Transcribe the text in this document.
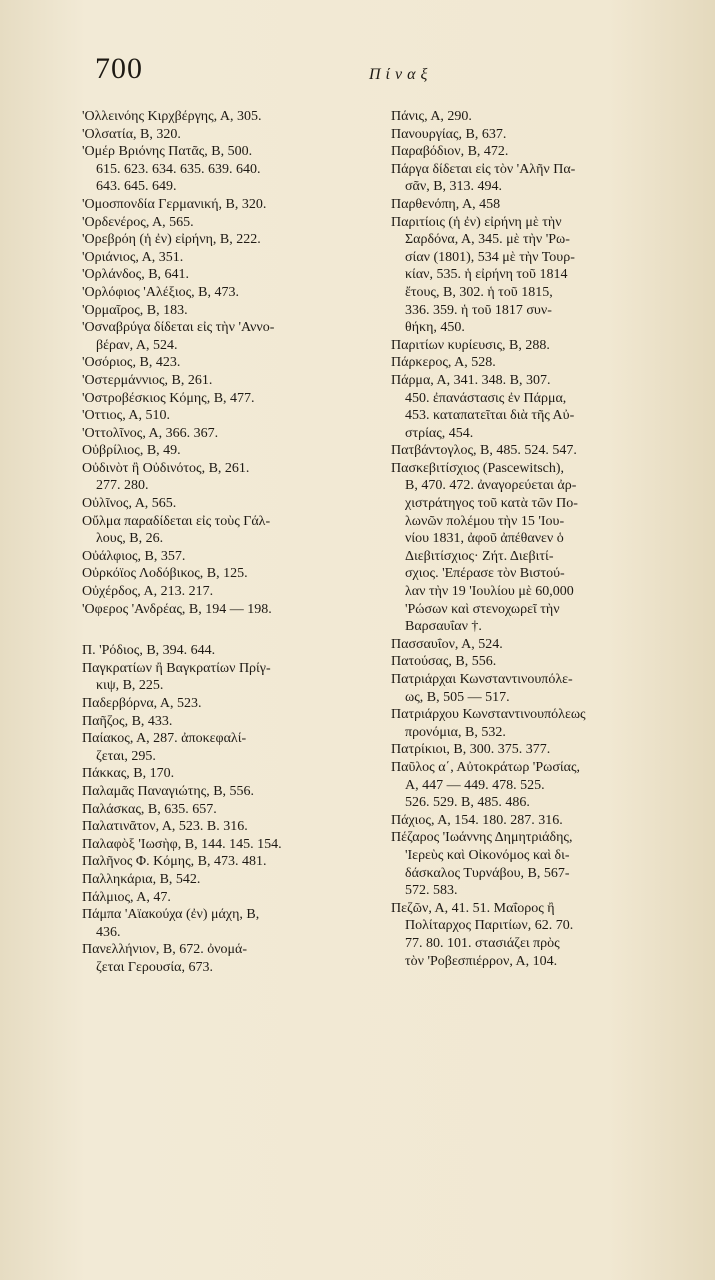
700	Πίναξ
'Ολλεινόης Κιρχβέργης, Α, 305.
'Ολσατία, Β, 320.
'Ομέρ Βριόνης Πατᾶς, Β, 500.
615. 623. 634. 635. 639. 640.
643. 645. 649.
'Ομοσπονδία Γερμανική, Β, 320.
'Ορδενέρος, Α, 565.
'Ορεβρόη (ἡ ἐν) εἰρήνη, Β, 222.
'Οριάνιος, Α, 351.
'Ορλάνδος, Β, 641.
'Ορλόφιος 'Αλέξιος, Β, 473.
'Ορμαῖρος, Β, 183.
'Οσναβρύγα δίδεται εἰς τὴν 'Αννο-
βέραν, Α, 524.
'Οσόριος, Β, 423.
'Οστερμάννιος, Β, 261.
'Οστροβέσκιος Κόμης, Β, 477.
'Οττιος, Α, 510.
'Οττολῖνος, Α, 366. 367.
Οὐβρίλιος, Β, 49.
Οὐδινὸτ ἢ Οὐδινότος, Β, 261.
277. 280.
Οὐλῖνος, Α, 565.
Οὔλμα παραδίδεται εἰς τοὺς Γάλ-
λους, Β, 26.
Οὐάλφιος, Β, 357.
Οὐρκόϊος Λοδόβικος, Β, 125.
Οὐχέρδος, Α, 213. 217.
'Οφερος 'Ανδρέας, Β, 194 — 198.
Π. 'Ρόδιος, Β, 394. 644.
Παγκρατίων ἢ Βαγκρατίων Πρίγ-
κιψ, Β, 225.
Παδερβόρνα, Α, 523.
Παῆζος, Β, 433.
Παίακος, Α, 287. ἀποκεφαλί-
ζεται, 295.
Πάκκας, Β, 170.
Παλαμᾶς Παναγιώτης, Β, 556.
Παλάσκας, Β, 635. 657.
Παλατινᾶτον, Α, 523. Β. 316.
Παλαφὸξ 'Ιωσὴφ, Β, 144. 145. 154.
Παλῆνος Φ. Κόμης, Β, 473. 481.
Παλληκάρια, Β, 542.
Πάλμιος, Α, 47.
Πάμπα 'Αϊακούχα (ἐν) μάχη, Β,
436.
Πανελλήνιον, Β, 672. ὀνομά-
ζεται Γερουσία, 673.
Πάνις, Α, 290.
Πανουργίας, Β, 637.
Παραβόδιον, Β, 472.
Πάργα δίδεται εἰς τὸν 'Αλῆν Πα-
σᾶν, Β, 313. 494.
Παρθενόπη, Α, 458
Παριτίοις (ἡ ἐν) εἰρήνη μὲ τὴν
Σαρδόνα, Α, 345. μὲ τὴν 'Ρω-
σίαν (1801), 534 μὲ τὴν Τουρ-
κίαν, 535. ἡ εἰρήνη τοῦ 1814
ἔτους, Β, 302. ἡ τοῦ 1815,
336. 359. ἡ τοῦ 1817 συν-
θήκη, 450.
Παριτίων κυρίευσις, Β, 288.
Πάρκερος, Α, 528.
Πάρμα, Α, 341. 348. Β, 307.
450. ἐπανάστασις ἐν Πάρμα,
453. καταπατεῖται διὰ τῆς Αὐ-
στρίας, 454.
Πατβάντογλος, Β, 485. 524. 547.
Πασκεβιτίσχιος (Pascewitsch),
Β, 470. 472. ἀναγορεύεται ἀρ-
χιστράτηγος τοῦ κατὰ τῶν Πο-
λωνῶν πολέμου τὴν 15 'Ιου-
νίου 1831, ἀφοῦ ἀπέθανεν ὁ
Διεβιτίσχιος· Ζήτ. Διεβιτί-
σχιος. 'Επέρασε τὸν Βιστού-
λαν τὴν 19 'Ιουλίου μὲ 60,000
'Ρώσων καὶ στενοχωρεῖ τὴν
Βαρσαυΐαν †.
Πασσαυΐον, Α, 524.
Πατούσας, Β, 556.
Πατριάρχαι Κωνσταντινουπόλε-
ως, Β, 505 — 517.
Πατριάρχου Κωνσταντινουπόλεως
προνόμια, Β, 532.
Πατρίκιοι, Β, 300. 375. 377.
Παῦλος α΄, Αὐτοκράτωρ 'Ρωσίας,
Α, 447 — 449. 478. 525.
526. 529. Β, 485. 486.
Πάχιος, Α, 154. 180. 287. 316.
Πέζαρος 'Ιωάννης Δημητριάδης,
'Ιερεὺς καὶ Οἰκονόμος καὶ δι-
δάσκαλος Τυρνάβου, Β, 567-
572. 583.
Πεζῶν, Α, 41. 51. Μαΐορος ἢ
Πολίταρχος Παριτίων, 62. 70.
77. 80. 101. στασιάζει πρὸς
τὸν 'Ροβεσπιέρρον, Α, 104.
